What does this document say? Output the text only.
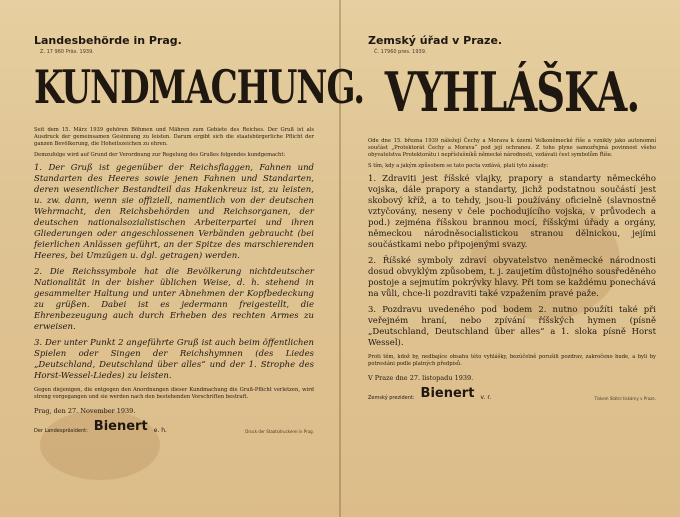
Landesbehörde in Prag.

Z. 17 960 Präs. 1939.

KUNDMACHUNG.

Seit dem 15. März 1939 gehören Böhmen und Mähren zum Gebiete des Reiches. Der Gruß ist als Ausdruck der gemeinsamen Gesinnung zu leisten. Darum ergibt sich die staatsbürgerliche Pflicht der ganzen Bevölkerung, die Hoheitszeichen zu ehren.

Demzufolge wird auf Grund der Verordnung zur Regelung des Grußes folgendes kundgemacht:

1. Der Gruß ist gegenüber der Reichsflaggen, Fahnen und Standarten des Heeres sowie jenen Fahnen und Standarten, deren wesentlicher Bestandteil das Hakenkreuz ist, zu leisten, u. zw. dann, wenn sie offiziell, namentlich von der deutschen Wehrmacht, den Reichsbehörden und Reichsorganen, der deutschen nationalsozialistischen Arbeiterpartei und ihren Gliederungen oder angeschlossenen Verbänden gebraucht (bei feierlichen Anlässen geführt, an der Spitze des marschierenden Heeres, bei Umzügen u. dgl. getragen) werden.

2. Die Reichssymbole hat die Bevölkerung nichtdeutscher Nationalität in der bisher üblichen Weise, d. h. stehend in gesammelter Haltung und unter Abnehmen der Kopfbedeckung zu grüßen. Dabei ist es jedermann freigestellt, die Ehrenbezeugung auch durch Erheben des rechten Armes zu erweisen.

3. Der unter Punkt 2 angeführte Gruß ist auch beim öffentlichen Spielen oder Singen der Reichshymnen (des Liedes „Deutschland, Deutschland über alles“ und der 1. Strophe des Horst-Wessel-Liedes) zu leisten.

Gegen diejenigen, die entgegen den Anordnungen dieser Kundmachung die Gruß-Pflicht verletzen, wird streng vorgegangen und sie werden nach den bestehenden Vorschriften bestraft.

Prag, den 27. November 1939.

Der Landespräsident: Bienert e. h.	Druck der Staatsdruckerei in Prag.

Zemský úřad v Praze.

Č. 17960 pres. 1939.

VYHLÁŠKA.

Ode dne 15. března 1939 náležejí Čechy a Morava k území Velkoněmecké říše a vznikly jako autonomní součást „Protektorát Čechy a Morava“ pod její ochranou. Z toho plyne samozřejmá povinnost všeho obyvatelstva Protektorátu i nepříslušníků německé národnosti, vzdávati čest symbolům Říše.

S tím, kdy a jakým způsobem se tato pocta vzdává, platí tyto zásady:

1. Zdraviti jest říšské vlajky, prapory a standarty německého vojska, dále prapory a standarty, jichž podstatnou součástí jest skobový kříž, a to tehdy, jsou-li používány oficielně (slavnostně vztyčovány, neseny v čele pochodujícího vojska, v průvodech a pod.) zejména říšskou brannou mocí, říšskými úřady a orgány, německou národněsocialistickou stranou dělnickou, jejími součástkami nebo připojenými svazy.

2. Říšské symboly zdraví obyvatelstvo neněmecké národnosti dosud obvyklým způsobem, t. j. zaujetím důstojného sousředěného postoje a sejmutím pokrývky hlavy. Při tom se každému ponechává na vůli, chce-li pozdraviti také vzpažením pravé paže.

3. Pozdravu uvedeného pod bodem 2. nutno použíti také při veřejném hraní, nebo zpívání říšských hymen (písně „Deutschland, Deutschland über alles“ a 1. sloka písně Horst Wessel).

Proti těm, kdož by, nedbajíce obsahu této vyhlášky, bezúčelně porušili pozdrav, zakročeno bude, a byli by potrestáni podle platných předpisů.

V Praze dne 27. listopadu 1939.

Zemský prezident: Bienert v. r.	Tiskem Státní tiskárny v Praze.
